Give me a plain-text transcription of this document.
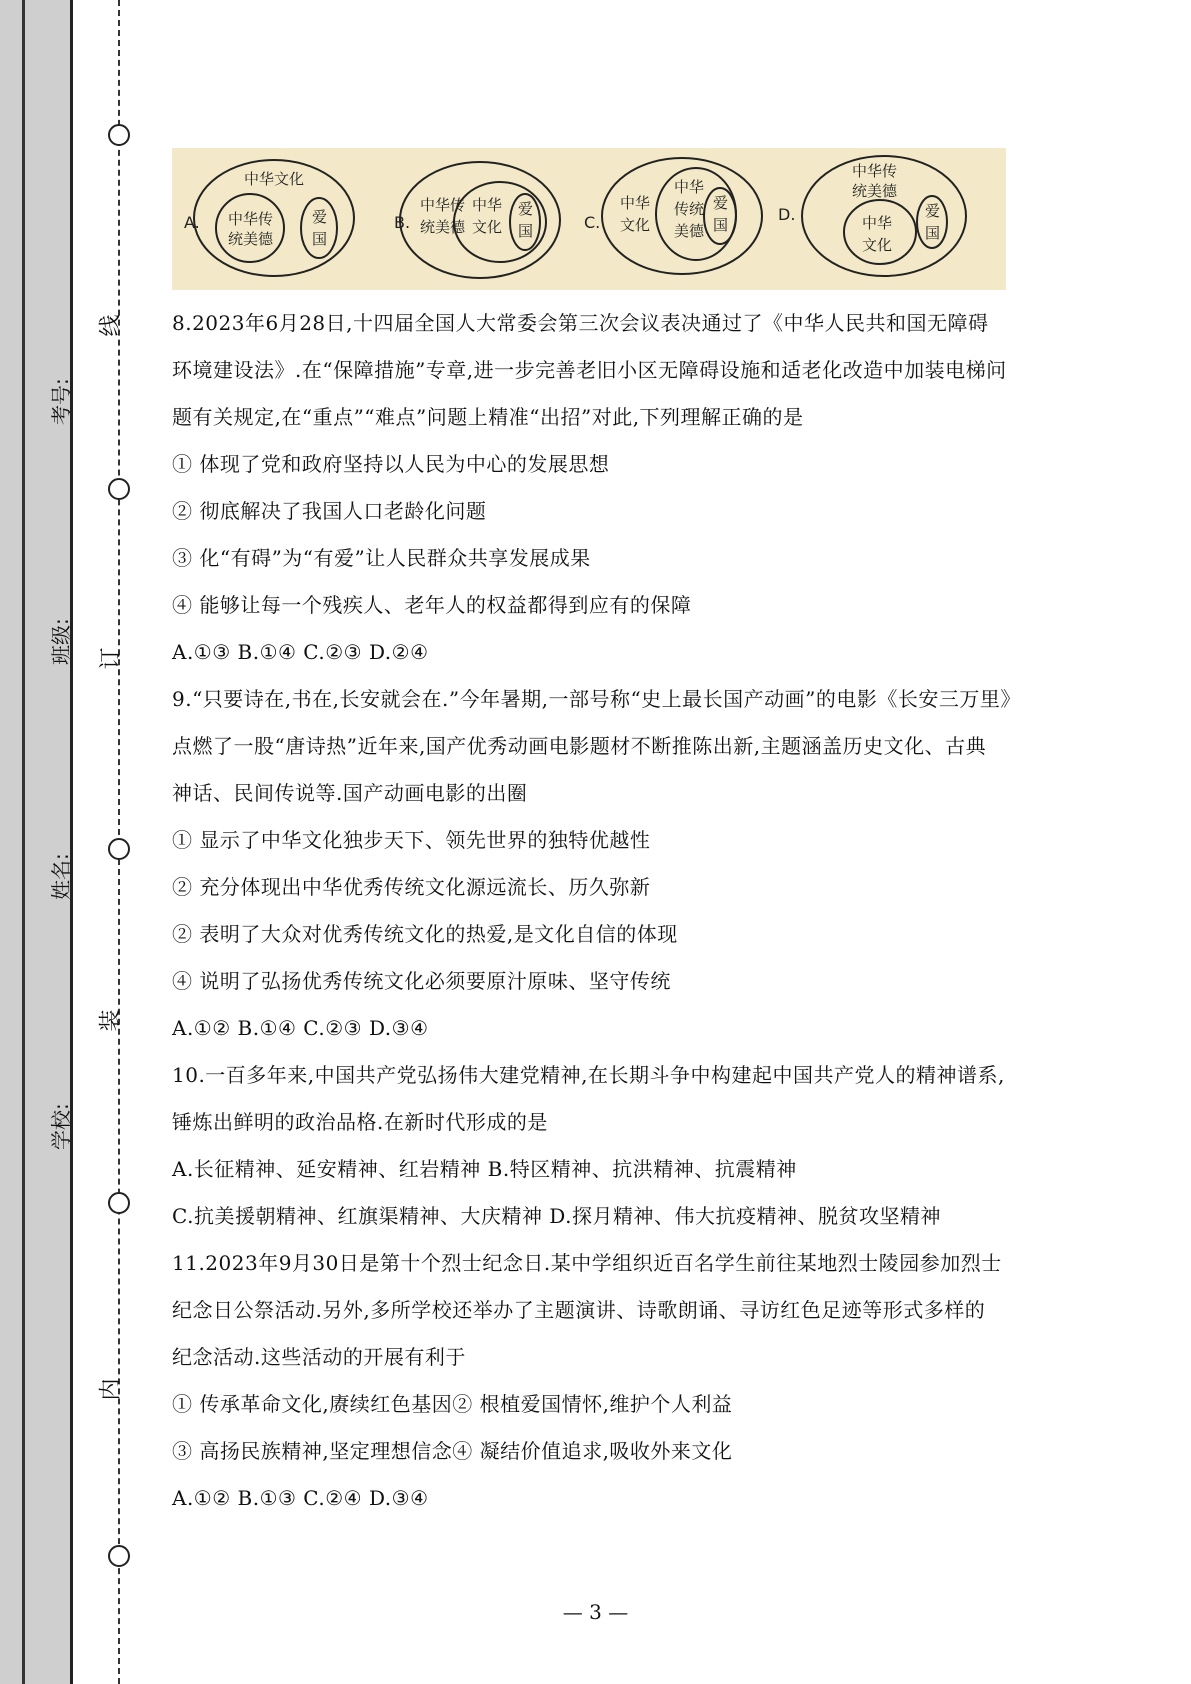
线
订
装
内
考号:
班级:
姓名:
学校:
A.
中华文化
中华传
统美德
爱
国
B.
中华传
统美德
中华
文化
爱
国	C.
中华
文化
中华
传统
美德
爱
国
D.
中华传
统美德
中华
文化
爱
国

8.2023年6月28日,十四届全国人大常委会第三次会议表决通过了《中华人民共和国无障碍

环境建设法》.在“保障措施”专章,进一步完善老旧小区无障碍设施和适老化改造中加装电梯问

题有关规定,在“重点”“难点”问题上精准“出招”对此,下列理解正确的是

① 体现了党和政府坚持以人民为中心的发展思想

② 彻底解决了我国人口老龄化问题

③ 化“有碍”为“有爱”让人民群众共享发展成果

④ 能够让每一个残疾人、老年人的权益都得到应有的保障

A.①③ B.①④ C.②③ D.②④

9.“只要诗在,书在,长安就会在.”今年暑期,一部号称“史上最长国产动画”的电影《长安三万里》

点燃了一股“唐诗热”近年来,国产优秀动画电影题材不断推陈出新,主题涵盖历史文化、古典

神话、民间传说等.国产动画电影的出圈

① 显示了中华文化独步天下、领先世界的独特优越性

② 充分体现出中华优秀传统文化源远流长、历久弥新

② 表明了大众对优秀传统文化的热爱,是文化自信的体现

④ 说明了弘扬优秀传统文化必须要原汁原味、坚守传统

A.①② B.①④ C.②③ D.③④

10.一百多年来,中国共产党弘扬伟大建党精神,在长期斗争中构建起中国共产党人的精神谱系,

锤炼出鲜明的政治品格.在新时代形成的是

A.长征精神、延安精神、红岩精神 B.特区精神、抗洪精神、抗震精神

C.抗美援朝精神、红旗渠精神、大庆精神 D.探月精神、伟大抗疫精神、脱贫攻坚精神

11.2023年9月30日是第十个烈士纪念日.某中学组织近百名学生前往某地烈士陵园参加烈士

纪念日公祭活动.另外,多所学校还举办了主题演讲、诗歌朗诵、寻访红色足迹等形式多样的

纪念活动.这些活动的开展有利于

① 传承革命文化,赓续红色基因② 根植爱国情怀,维护个人利益

③ 高扬民族精神,坚定理想信念④ 凝结价值追求,吸收外来文化

A.①② B.①③ C.②④ D.③④

— 3 —
